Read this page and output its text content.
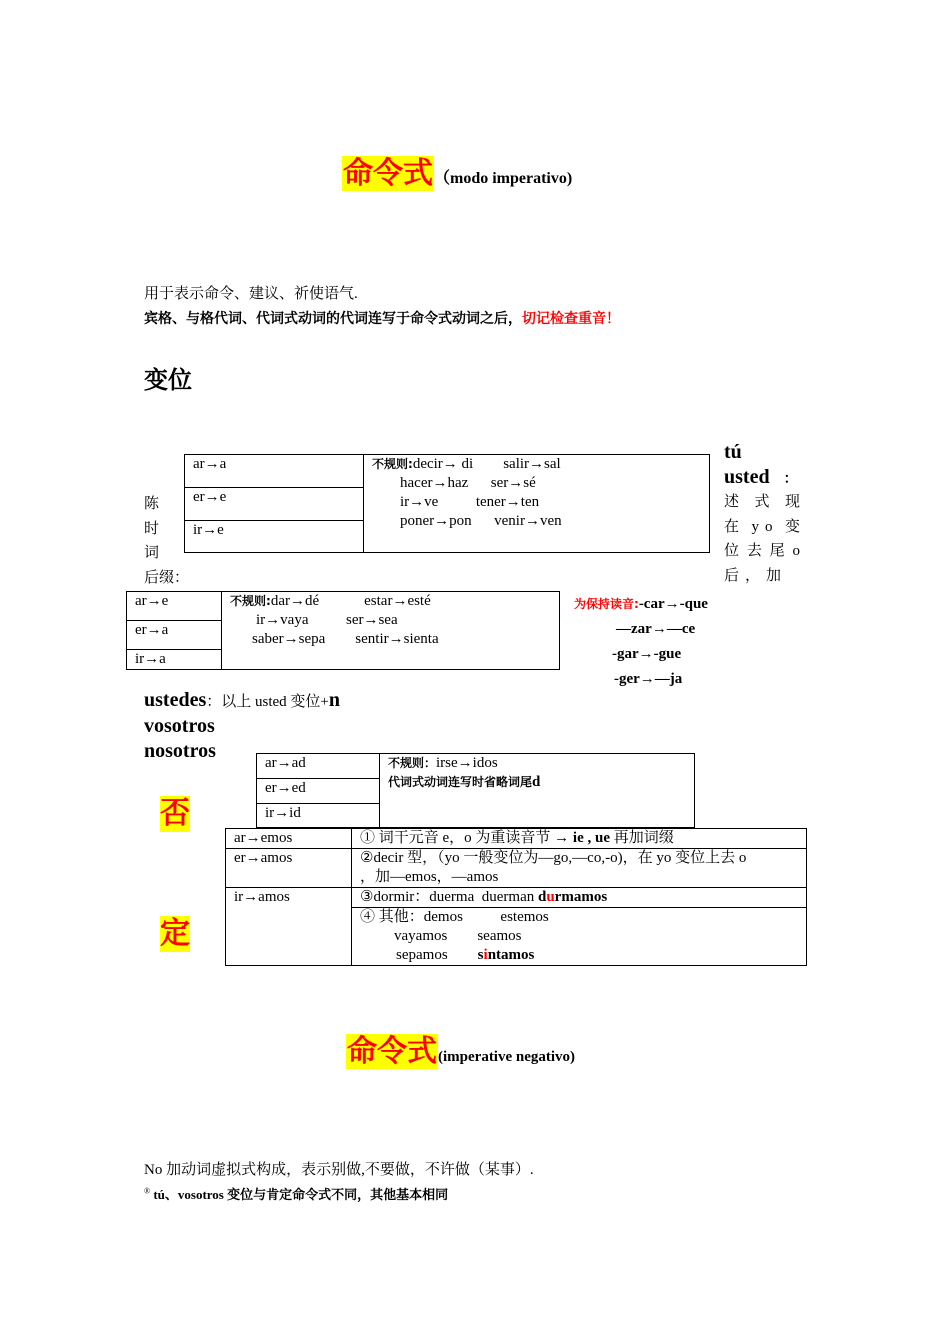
命令式（modo imperativo)
用于表示命令、建议、祈使语气.
宾格、与格代词、代词式动词的代词连写于命令式动词之后，切记检查重音！
变位
tú
usted ：
述式现在yo变位去尾o后，加
陈
时
词
后缀：
ar→a	不规则:decir→ di        salir→sal
hacer→haz      ser→sé
ir→ve          tener→ten
poner→pon      venir→ven

er→e
ir→e
ar→e	不规则:dar→dé            estar→esté
ir→vaya          ser→sea
saber→sepa        sentir→sienta

er→a
ir→a
为保持读音:-car→-que
—zar→—ce
-gar→-gue
-ger→—ja
ustedes：以上 usted 变位+n
vosotros
nosotros
否
定
ar→ad	不规则：irse→idos
代词式动词连写时省略词尾d
er→ed
ir→id
ar→emos	① 词干元音 e，o 为重读音节 → ie , ue 再加词缀
er→amos	②decir 型，（yo 一般变位为—go,—co,-o)，在 yo 变位上去 o
，加—emos，—amos

ir→amos	③dormir：duerma  duerman durmamos

	④ 其他：demos          estemos
vayamos        seamos
sepamos        sintamos
命令式(imperative negativo)
No 加动词虚拟式构成，表示别做,不要做，不许做（某事）.
® tú、vosotros 变位与肯定命令式不同，其他基本相同
